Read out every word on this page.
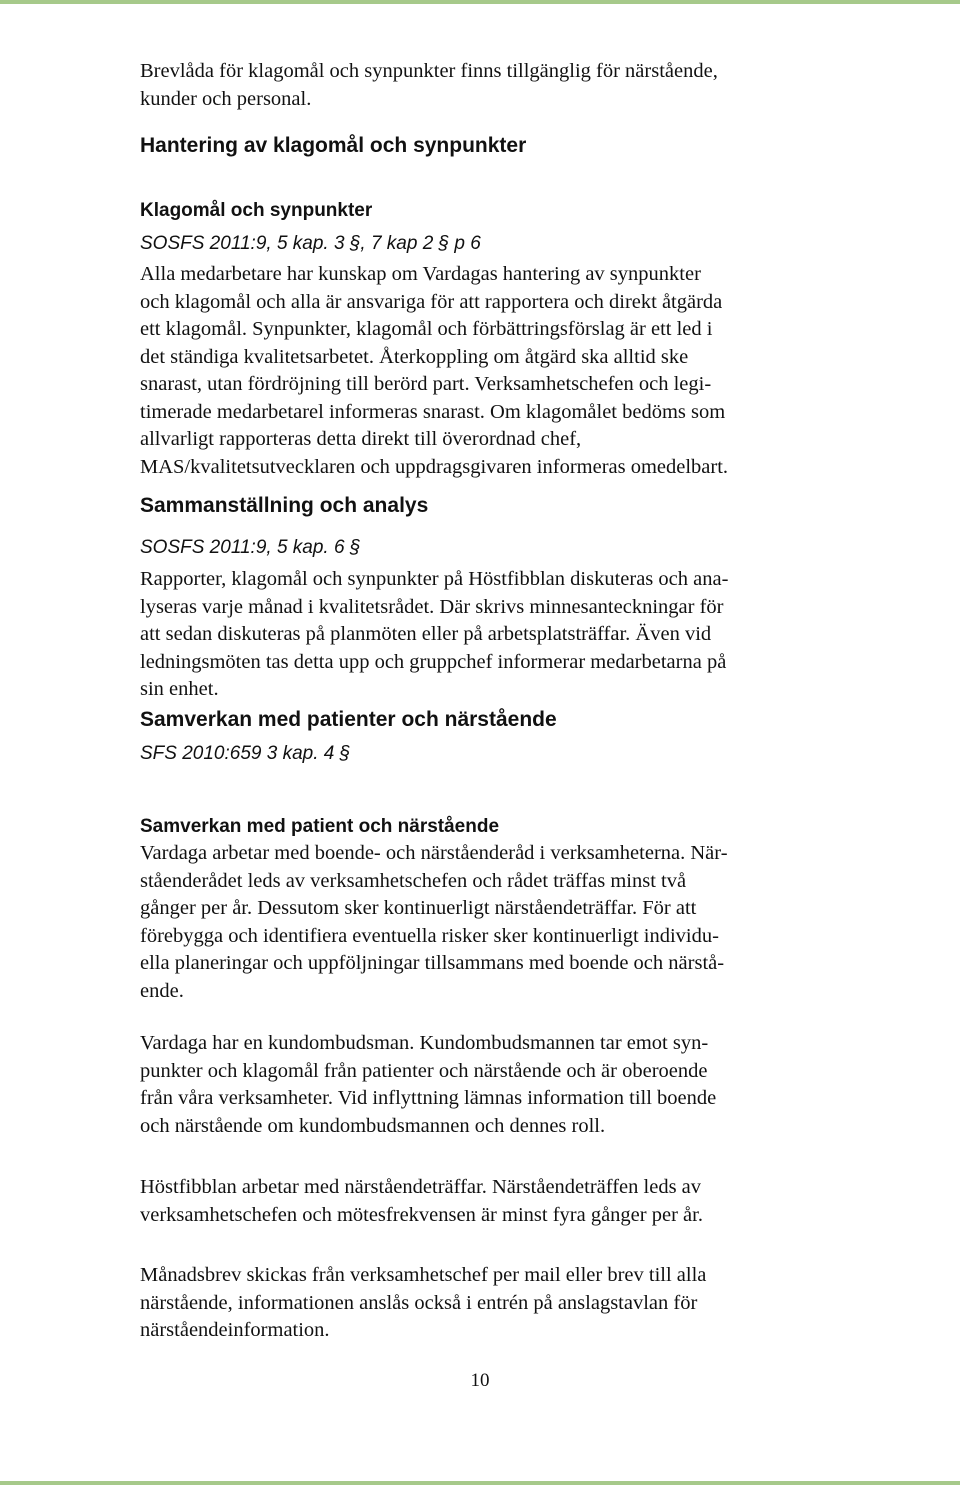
Brevlåda för klagomål och synpunkter finns tillgänglig för närstående,
kunder och personal.
Hantering av klagomål och synpunkter
Klagomål och synpunkter
SOSFS 2011:9, 5 kap. 3 §, 7 kap 2 § p 6
Alla medarbetare har kunskap om Vardagas hantering av synpunkter
och klagomål och alla är ansvariga för att rapportera och direkt åtgärda
ett klagomål. Synpunkter, klagomål och förbättringsförslag är ett led i
det ständiga kvalitetsarbetet. Återkoppling om åtgärd ska alltid ske
snarast, utan fördröjning till berörd part. Verksamhetschefen och legi-
timerade medarbetarel informeras snarast. Om klagomålet bedöms som
allvarligt rapporteras detta direkt till överordnad chef,
MAS/kvalitetsutvecklaren och uppdragsgivaren informeras omedelbart.
Sammanställning och analys
SOSFS 2011:9, 5 kap. 6 §
Rapporter, klagomål och synpunkter på Höstfibblan diskuteras och ana-
lyseras varje månad i kvalitetsrådet. Där skrivs minnesanteckningar för
att sedan diskuteras på planmöten eller på arbetsplatsträffar. Även vid
ledningsmöten tas detta upp och gruppchef informerar medarbetarna på
sin enhet.
Samverkan med patienter och närstående
SFS 2010:659 3 kap. 4 §
Samverkan med patient och närstående
Vardaga arbetar med boende- och närståenderåd i verksamheterna. När-
ståenderådet leds av verksamhetschefen och rådet träffas minst två
gånger per år. Dessutom sker kontinuerligt närståendeträffar. För att
förebygga och identifiera eventuella risker sker kontinuerligt individu-
ella planeringar och uppföljningar tillsammans med boende och närstå-
ende.
Vardaga har en kundombudsman. Kundombudsmannen tar emot syn-
punkter och klagomål från patienter och närstående och är oberoende
från våra verksamheter. Vid inflyttning lämnas information till boende
och närstående om kundombudsmannen och dennes roll.
Höstfibblan arbetar med närståendeträffar. Närståendeträffen leds av
verksamhetschefen och mötesfrekvensen är minst fyra gånger per år.
Månadsbrev skickas från verksamhetschef per mail eller brev till alla
närstående, informationen anslås också i entrén på anslagstavlan för
närståendeinformation.
10
